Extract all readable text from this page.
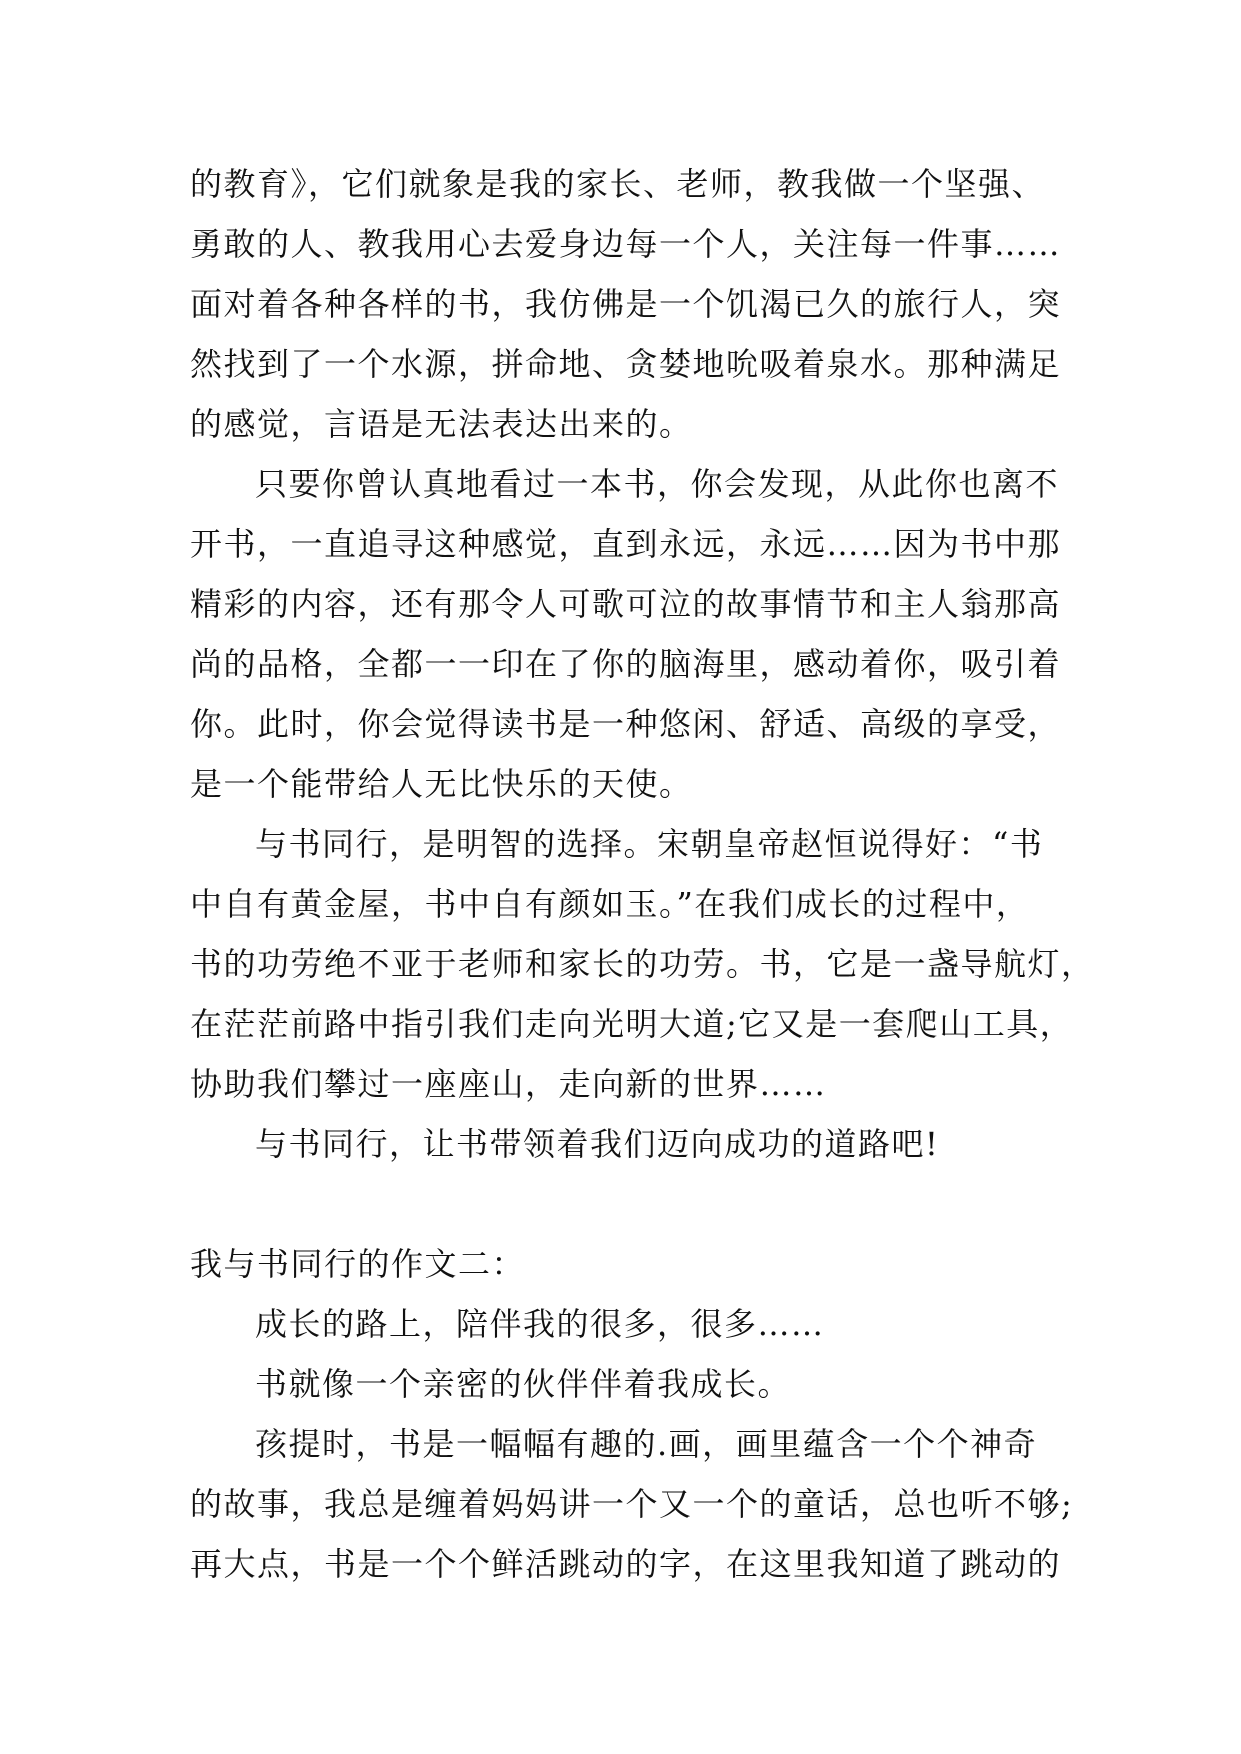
的教育》，它们就象是我的家长、老师，教我做一个坚强、
勇敢的人、教我用心去爱身边每一个人，关注每一件事……
面对着各种各样的书，我仿佛是一个饥渴已久的旅行人，突
然找到了一个水源，拼命地、贪婪地吮吸着泉水。那种满足
的感觉，言语是无法表达出来的。
只要你曾认真地看过一本书，你会发现，从此你也离不
开书，一直追寻这种感觉，直到永远，永远……因为书中那
精彩的内容，还有那令人可歌可泣的故事情节和主人翁那高
尚的品格，全都一一印在了你的脑海里，感动着你，吸引着
你。此时，你会觉得读书是一种悠闲、舒适、高级的享受，
是一个能带给人无比快乐的天使。
与书同行，是明智的选择。宋朝皇帝赵恒说得好：“书
中自有黄金屋，书中自有颜如玉。”在我们成长的过程中，
书的功劳绝不亚于老师和家长的功劳。书，它是一盏导航灯，
在茫茫前路中指引我们走向光明大道;它又是一套爬山工具，
协助我们攀过一座座山，走向新的世界……
与书同行，让书带领着我们迈向成功的道路吧!
我与书同行的作文二：
成长的路上，陪伴我的很多，很多……
书就像一个亲密的伙伴伴着我成长。
孩提时，书是一幅幅有趣的.画，画里蕴含一个个神奇
的故事，我总是缠着妈妈讲一个又一个的童话，总也听不够;
再大点，书是一个个鲜活跳动的字，在这里我知道了跳动的
